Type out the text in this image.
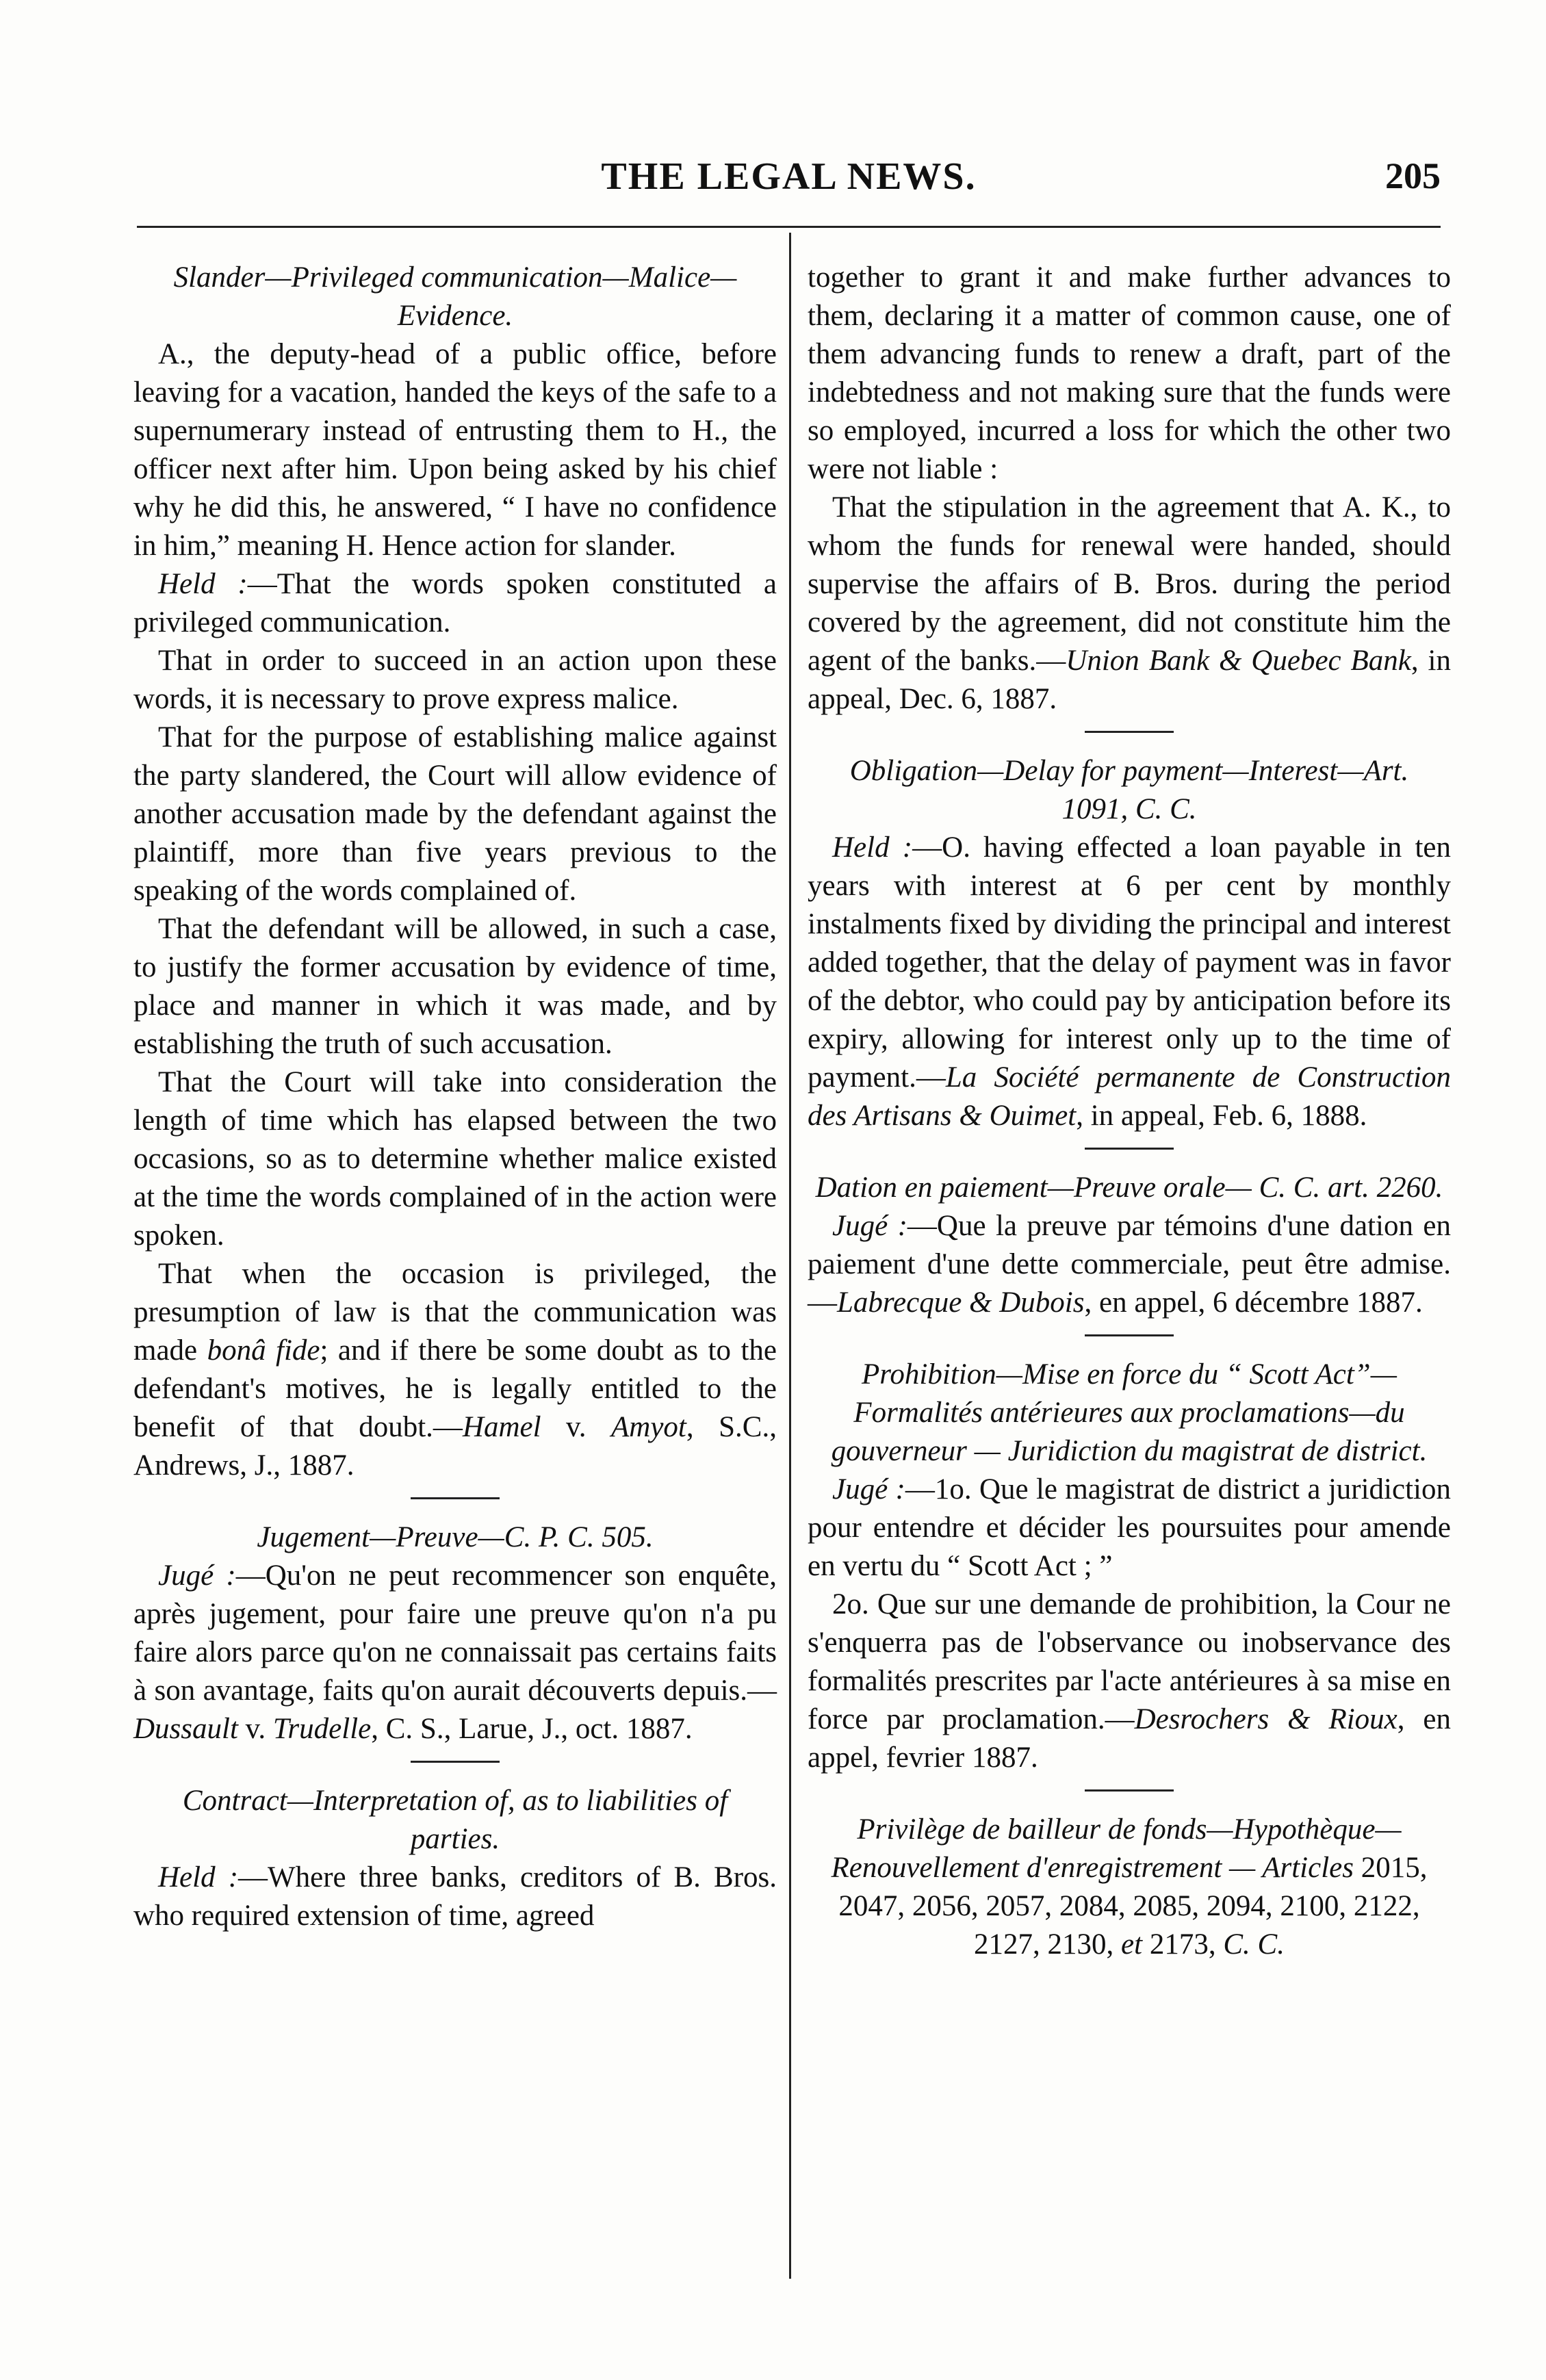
THE LEGAL NEWS.	205

Slander—Privileged communication—Malice—Evidence.

A., the deputy-head of a public office, before leaving for a vacation, handed the keys of the safe to a supernumerary instead of entrusting them to H., the officer next after him. Upon being asked by his chief why he did this, he answered, “ I have no confidence in him,” meaning H. Hence action for slander.

Held :—That the words spoken constituted a privileged communication.

That in order to succeed in an action upon these words, it is necessary to prove express malice.

That for the purpose of establishing malice against the party slandered, the Court will allow evidence of another accusation made by the defendant against the plaintiff, more than five years previous to the speaking of the words complained of.

That the defendant will be allowed, in such a case, to justify the former accusation by evidence of time, place and manner in which it was made, and by establishing the truth of such accusation.

That the Court will take into consideration the length of time which has elapsed between the two occasions, so as to determine whether malice existed at the time the words complained of in the action were spoken.

That when the occasion is privileged, the presumption of law is that the communication was made bonâ fide; and if there be some doubt as to the defendant's motives, he is legally entitled to the benefit of that doubt.—Hamel v. Amyot, S.C., Andrews, J., 1887.

Jugement—Preuve—C. P. C. 505.

Jugé :—Qu'on ne peut recommencer son enquête, après jugement, pour faire une preuve qu'on n'a pu faire alors parce qu'on ne connaissait pas certains faits à son avantage, faits qu'on aurait découverts depuis.—Dussault v. Trudelle, C. S., Larue, J., oct. 1887.

Contract—Interpretation of, as to liabilities of parties.

Held :—Where three banks, creditors of B. Bros. who required extension of time, agreed

together to grant it and make further advances to them, declaring it a matter of common cause, one of them advancing funds to renew a draft, part of the indebtedness and not making sure that the funds were so employed, incurred a loss for which the other two were not liable :

That the stipulation in the agreement that A. K., to whom the funds for renewal were handed, should supervise the affairs of B. Bros. during the period covered by the agreement, did not constitute him the agent of the banks.—Union Bank & Quebec Bank, in appeal, Dec. 6, 1887.

Obligation—Delay for payment—Interest—Art. 1091, C. C.

Held :—O. having effected a loan payable in ten years with interest at 6 per cent by monthly instalments fixed by dividing the principal and interest added together, that the delay of payment was in favor of the debtor, who could pay by anticipation before its expiry, allowing for interest only up to the time of payment.—La Société permanente de Construction des Artisans & Ouimet, in appeal, Feb. 6, 1888.

Dation en paiement—Preuve orale— C. C. art. 2260.

Jugé :—Que la preuve par témoins d'une dation en paiement d'une dette commerciale, peut être admise.—Labrecque & Dubois, en appel, 6 décembre 1887.

Prohibition—Mise en force du “ Scott Act”—Formalités antérieures aux proclamations—du gouverneur — Juridiction du magistrat de district.

Jugé :—1o. Que le magistrat de district a juridiction pour entendre et décider les poursuites pour amende en vertu du “ Scott Act ; ”

2o. Que sur une demande de prohibition, la Cour ne s'enquerra pas de l'observance ou inobservance des formalités prescrites par l'acte antérieures à sa mise en force par proclamation.—Desrochers & Rioux, en appel, fevrier 1887.

Privilège de bailleur de fonds—Hypothèque—Renouvellement d'enregistrement — Articles 2015, 2047, 2056, 2057, 2084, 2085, 2094, 2100, 2122, 2127, 2130, et 2173, C. C.
